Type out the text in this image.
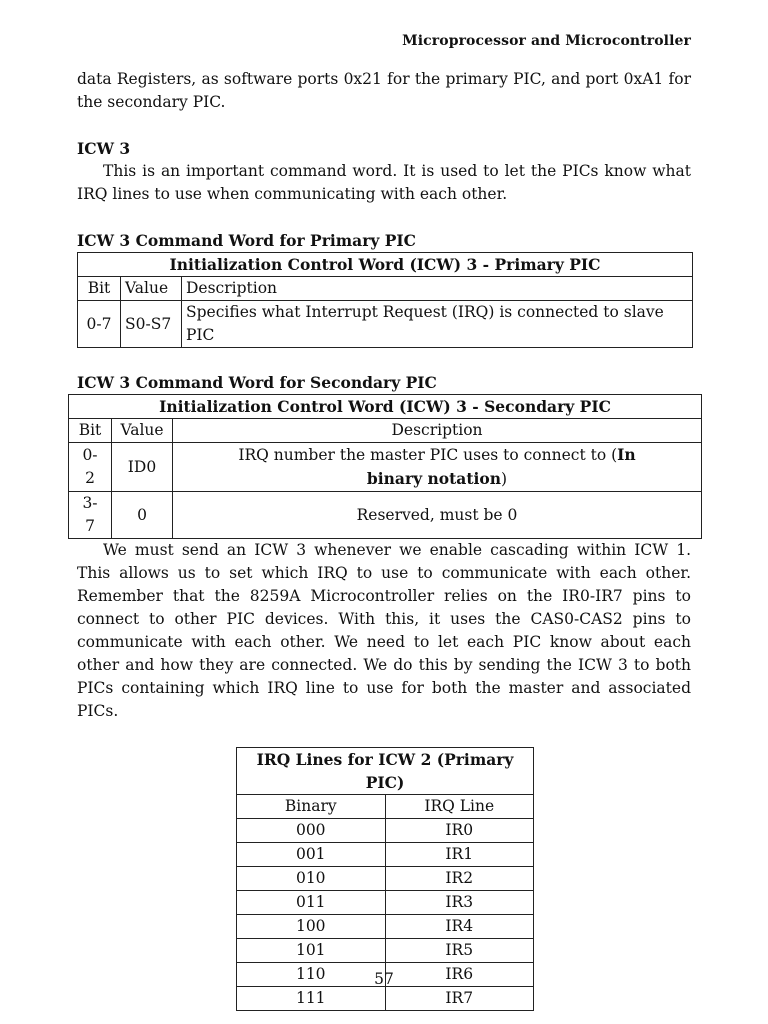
Microprocessor and Microcontroller

data Registers, as software ports 0x21 for the primary PIC, and port 0xA1 for the secondary PIC.

ICW 3

This is an important command word. It is used to let the PICs know what IRQ lines to use when communicating with each other.

ICW 3 Command Word for Primary PIC

Initialization Control Word (ICW) 3 - Primary PIC		
Bit	Value	Description
0-7	S0-S7	Specifies what Interrupt Request (IRQ) is connected to slave PIC

ICW 3 Command Word for Secondary PIC

Initialization Control Word (ICW) 3 - Secondary PIC		
Bit	Value	Description
0-2	ID0	IRQ number the master PIC uses to connect to (In binary notation)
3-7	0	Reserved, must be 0

We must send an ICW 3 whenever we enable cascading within ICW 1. This allows us to set which IRQ to use to communicate with each other. Remember that the 8259A Microcontroller relies on the IR0-IR7 pins to connect to other PIC devices. With this, it uses the CAS0-CAS2 pins to communicate with each other. We need to let each PIC know about each other and how they are connected. We do this by sending the ICW 3 to both PICs containing which IRQ line to use for both the master and associated PICs.

IRQ Lines for ICW 2 (Primary PIC)	
Binary	IRQ Line
000	IR0
001	IR1
010	IR2
011	IR3
100	IR4
101	IR5
110	IR6
111	IR7
57
